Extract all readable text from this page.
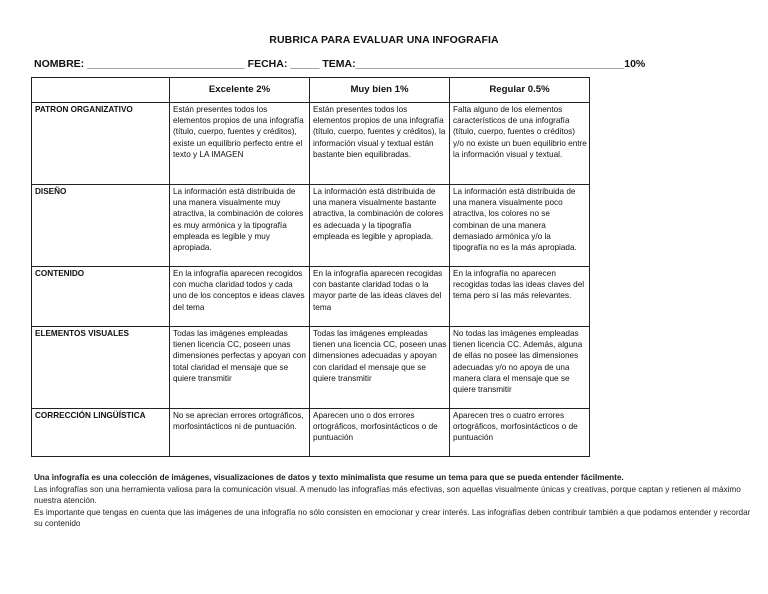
RUBRICA PARA EVALUAR UNA INFOGRAFIA
NOMBRE: ___________________________ FECHA: _____ TEMA:______________________________________________10%
	Excelente 2%	Muy bien 1%	Regular 0.5%
PATRON ORGANIZATIVO	Están presentes todos los elementos propios de una infografía (título, cuerpo, fuentes y créditos), existe un equilibrio perfecto entre el texto y LA IMAGEN	Están presentes todos los elementos propios de una infografía (título, cuerpo, fuentes y créditos), la información visual y textual están bastante bien equilibradas.	Falta alguno de los elementos característicos de una infografía (título, cuerpo, fuentes o créditos) y/o no existe un buen equilibrio entre la información visual y textual.
DISEÑO	La información está distribuida de una manera visualmente muy atractiva, la combinación de colores es muy armónica y la tipografía empleada es legible y muy apropiada.	La información está distribuida de una manera visualmente bastante atractiva, la combinación de colores es adecuada y la tipografía empleada es legible y apropiada.	La información está distribuida de una manera visualmente poco atractiva, los colores no se combinan de una manera demasiado armónica y/o la tipografía no es la más apropiada.
CONTENIDO	En la infografía aparecen recogidos con mucha claridad todos y cada uno de los conceptos e ideas claves del tema	En la infografía aparecen recogidas con bastante claridad todas o la mayor parte de las ideas claves del tema	En la infografía no aparecen recogidas todas las ideas claves del tema pero sí las más relevantes.
ELEMENTOS VISUALES	Todas las imágenes empleadas tienen licencia CC, poseen unas dimensiones perfectas y apoyan con total claridad el mensaje que se quiere transmitir	Todas las imágenes empleadas tienen una licencia CC, poseen unas dimensiones adecuadas y apoyan con claridad el mensaje que se quiere transmitir	No todas las imágenes empleadas tienen licencia CC. Además, alguna de ellas no posee las dimensiones adecuadas y/o no apoya de una manera clara el mensaje que se quiere transmitir
CORRECCIÓN LINGÜÍSTICA	No se aprecian errores ortográficos, morfosintácticos ni de puntuación.	Aparecen uno o dos errores ortográficos, morfosintácticos o de puntuación	Aparecen tres o cuatro errores ortográficos, morfosintácticos o de puntuación
Una infografía es una colección de imágenes, visualizaciones de datos y texto minimalista que resume un tema para que se pueda entender fácilmente.
Las infografías son una herramienta valiosa para la comunicación visual. A menudo las infografías más efectivas, son aquellas visualmente únicas y creativas, porque captan y retienen al máximo nuestra atención.
Es importante que tengas en cuenta que las imágenes de una infografía no sólo consisten en emocionar y crear interés. Las infografías deben contribuir también a que podamos entender y recordar su contenido
